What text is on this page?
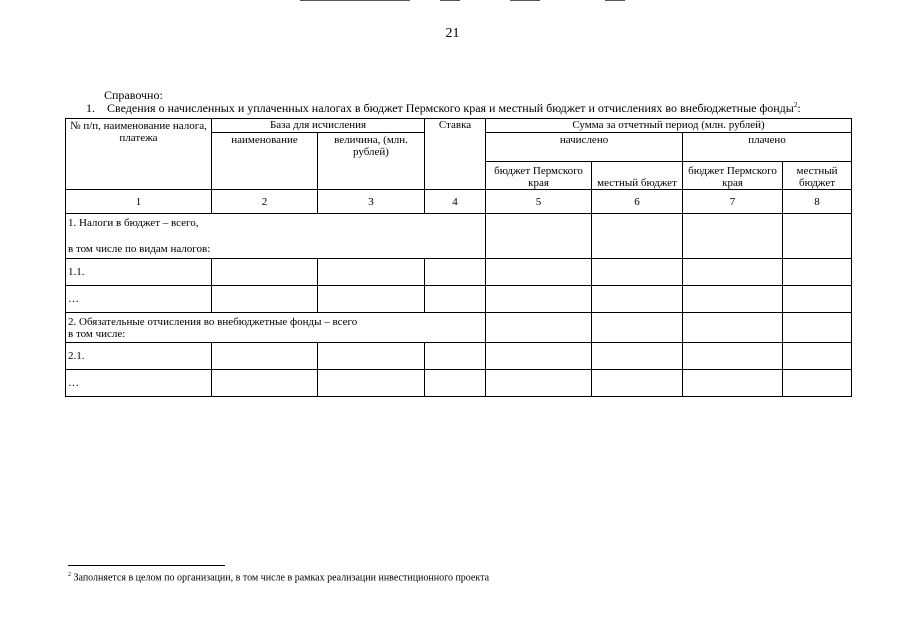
21
Справочно:
1. Сведения о начисленных и уплаченных налогах в бюджет Пермского края и местный бюджет и отчислениях во внебюджетные фонды$^2$:
№ п/п, наименование налога, платежа	База для исчисления		Ставка	Сумма за отчетный период (млн. рублей)			
	наименование	величина, (млн. рублей)		начислено		плачено	
				бюджет Пермского края	местный бюджет	бюджет Пермского края	местный бюджет
1	2	3	4	5	6	7	8

1. Налоги в бюджет – всего,
в том числе по видам налогов:							

1.1.							
…							

2. Обязательные отчисления во внебюджетные фонды – всего
в том числе:							

2.1.							
…							
$^2$ Заполняется в целом по организации, в том числе в рамках реализации инвестиционного проекта
